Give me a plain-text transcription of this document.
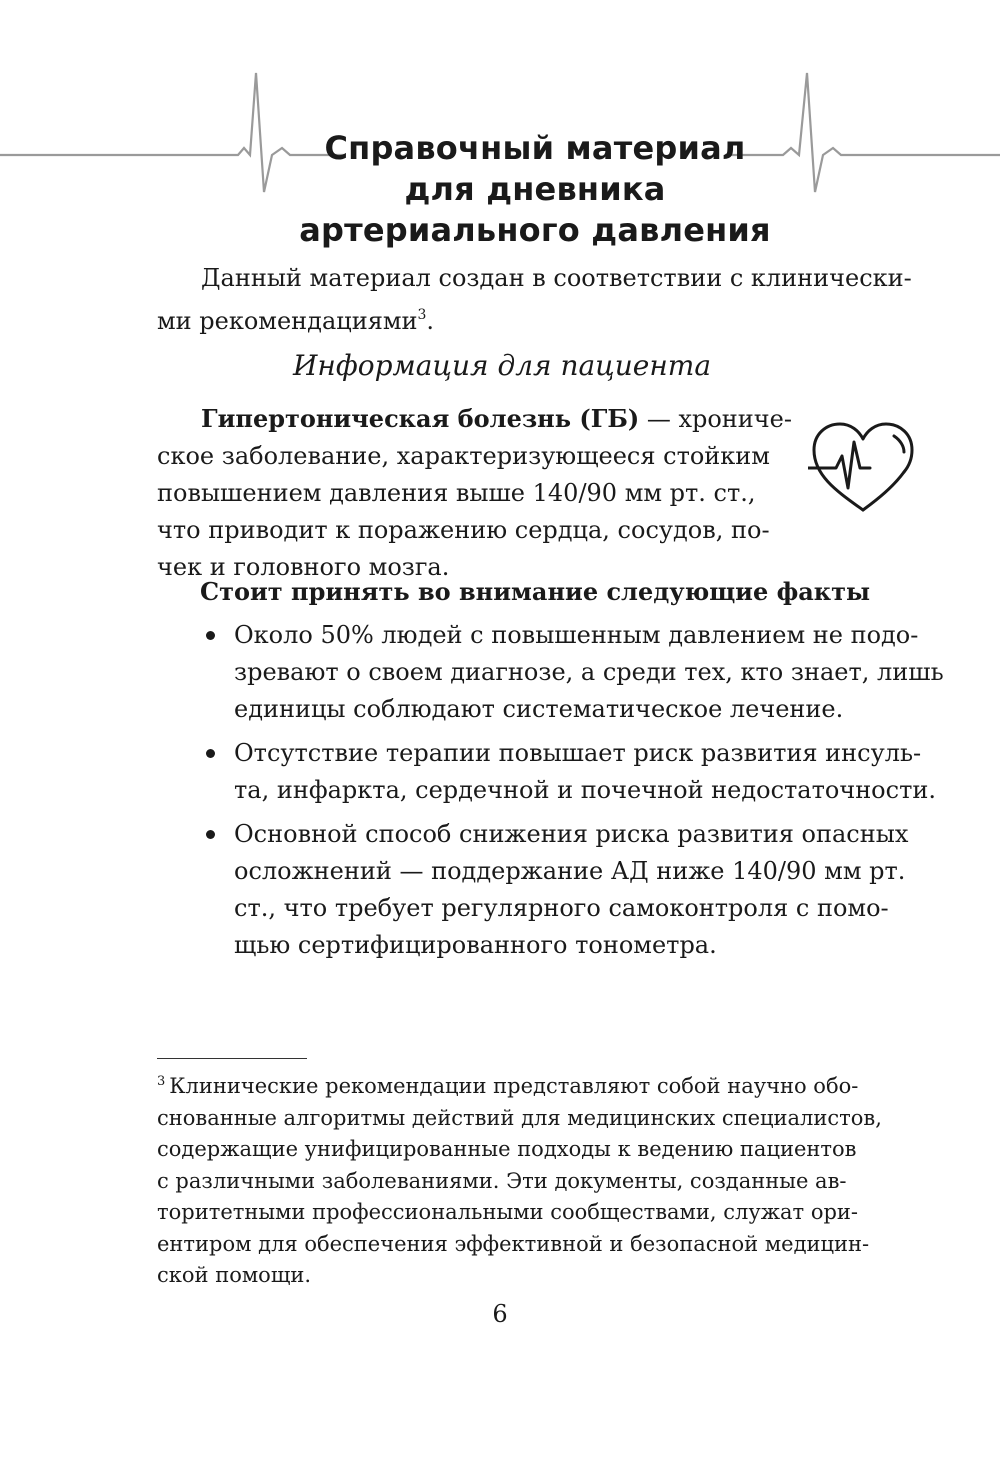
Справочный материал
для дневника
артериального давления

Данный материал создан в соответствии с клинически-
ми рекомендациями$^3$.

Информация для пациента

Гипертоническая болезнь (ГБ) — хрониче-
ское заболевание, характеризующееся стойким
повышением давления выше 140/90 мм рт. ст.,
что приводит к поражению сердца, сосудов, по-
чек и головного мозга.

Стоит принять во внимание следующие факты

Около 50% людей с повышенным давлением не подо-
зревают о своем диагнозе, а среди тех, кто знает, лишь
единицы соблюдают систематическое лечение.
Отсутствие терапии повышает риск развития инсуль-
та, инфаркта, сердечной и почечной недостаточности.
Основной способ снижения риска развития опасных
осложнений — поддержание АД ниже 140/90 мм рт.
ст., что требует регулярного самоконтроля с помо-
щью сертифицированного тонометра.

$^3$ Клинические рекомендации представляют собой научно обо-
снованные алгоритмы действий для медицинских специалистов,
содержащие унифицированные подходы к ведению пациентов
с различными заболеваниями. Эти документы, созданные ав-
торитетными профессиональными сообществами, служат ори-
ентиром для обеспечения эффективной и безопасной медицин-
ской помощи.

6
